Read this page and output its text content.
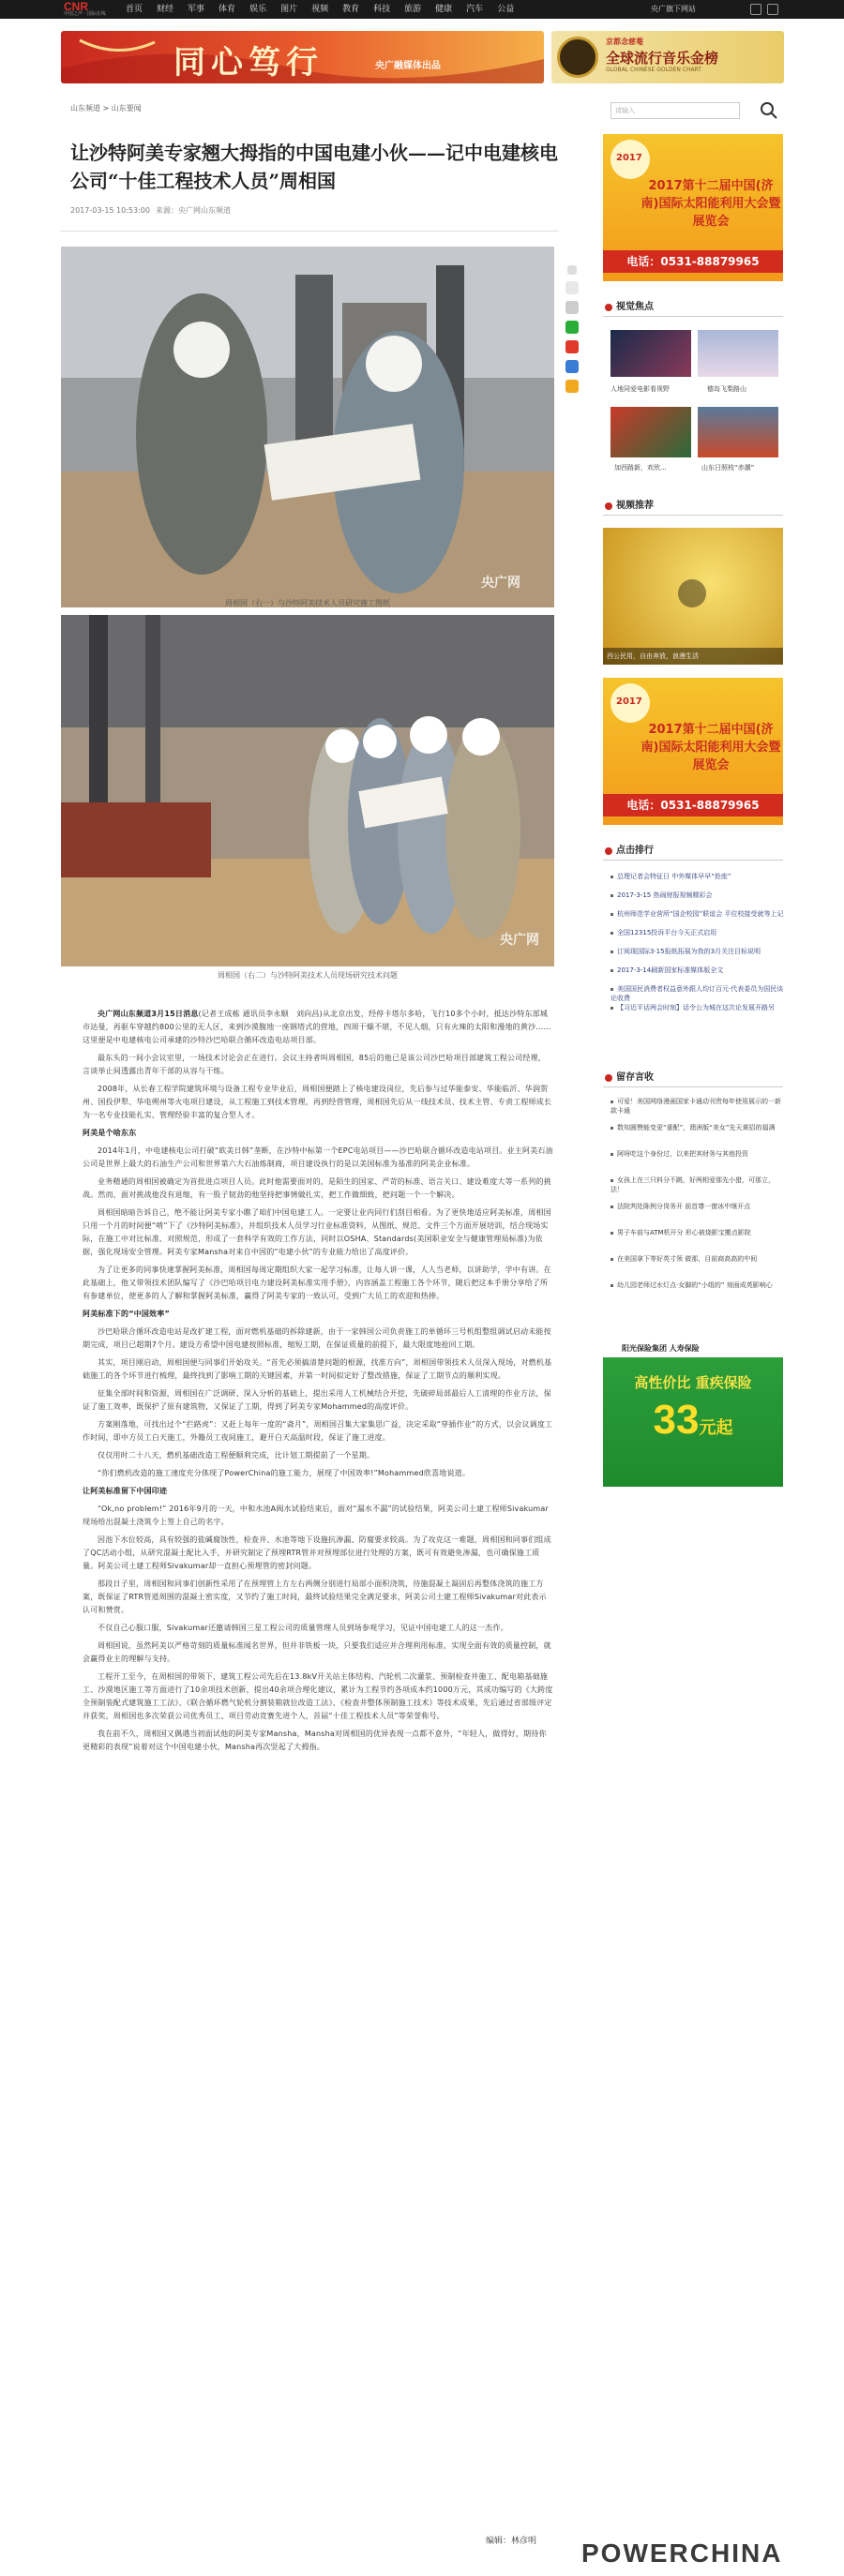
CNR
中国之声 · 国际在线	首页 财经 军事 体育 娱乐 图片 视频 教育 科技 旅游 健康 汽车 公益	央广旗下网站
同心笃行	央广融媒体出品
京都念慈菴
全球流行音乐金榜
GLOBAL CHINESE GOLDEN CHART
山东频道 > 山东要闻	请输入
让沙特阿美专家翘大拇指的中国电建小伙——记中电建核电公司“十佳工程技术人员”周相国
2017-03-15 10:53:00 来源：央广网山东频道
央广网
周相国（右一）与沙特阿美技术人员研究施工图纸
央广网
周相国（右二）与沙特阿美技术人员现场研究技术问题

央广网山东频道3月15日消息(记者王成栋 通讯员李永顺　刘向昌)从北京出发，经停卡塔尔多哈，飞行10多个小时，抵达沙特东部城市达曼，再驱车穿越约800公里的无人区，来到沙漠腹地一座钢塔式的营地，四周干燥不堪，不见人烟，只有火辣的太阳和漫地的黄沙……这里便是中电建核电公司承建的沙特沙巴哈联合循环改造电站项目部。

最东头的一间小会议室里，一场技术讨论会正在进行。会议主持者叫周相国，85后的他已是该公司沙巴哈项目部建筑工程公司经理，言谈举止间透露出青年干部的从容与干练。

2008年，从长春工程学院建筑环境与设备工程专业毕业后，周相国便踏上了核电建设岗位，先后参与过华能泰安、华能临沂、华润贺州、国投伊犁、华电朔州等火电项目建设，从工程施工到技术管理，再到经营管理，周相国先后从一线技术员、技术主管、专责工程师成长为一名专业技能扎实、管理经验丰富的复合型人才。

阿美是个啥东东

2014年1月，中电建核电公司打破“欧美日韩”垄断，在沙特中标第一个EPC电站项目——沙巴哈联合循环改造电站项目。业主阿美石油公司是世界上最大的石油生产公司和世界第六大石油炼制商，项目建设执行的是以美国标准为基准的阿美企业标准。

业务精通的周相国被确定为首批进点项目人员。此时他需要面对的，是陌生的国家、严苛的标准、语言关口、建设难度大等一系列的挑战。然而，面对挑战他没有退缩，有一股子韧劲的他坚持把事情做扎实，把工作做细致，把问题一个一个解决。

周相国暗暗告诉自己，绝不能让阿美专家小瞧了咱们中国电建工人。一定要让业内同行们刮目相看。为了更快地适应阿美标准，周相国只用一个月的时间便“啃”下了《沙特阿美标准》，并组织技术人员学习行业标准资料，从图纸、规范、文件三个方面开展培训，结合现场实际，在施工中对比标准、对照规范，形成了一套科学有效的工作方法，同时以OSHA、Standards(美国职业安全与健康管理局标准)为依据，强化现场安全管理。阿美专家Mansha对来自中国的“电建小伙”的专业能力给出了高度评价。

为了让更多的同事快速掌握阿美标准，周相国每周定期组织大家一起学习标准，让每人讲一课，人人当老师，以讲助学，学中有讲。在此基础上，他又带领技术团队编写了《沙巴哈项目电力建设阿美标准实用手册》，内容涵盖工程施工各个环节，随后把这本手册分享给了所有参建单位，使更多的人了解和掌握阿美标准，赢得了阿美专家的一致认可，受到广大员工的欢迎和热捧。

阿美标准下的“中国效率”

沙巴哈联合循环改造电站是改扩建工程，面对燃机基础的拆除建新，由于一家韩国公司负责施工的单循环三号机组整组调试启动未能按期完成，项目已超期7个月。建设方希望中国电建按照标准，缩短工期，在保证质量的前提下，最大限度地抢回工期。

其实，项目刚启动，周相国便与同事们开始攻关。“首先必须搞清楚问题的根源，找准方向”，周相国带领技术人员深入现场，对燃机基础施工的各个环节进行梳理，最终找到了影响工期的关键因素，并第一时间拟定好了整改措施，保证了工期节点的顺利实现。

征集全部时间和资源，周相国在广泛调研、深入分析的基础上，提出采用人工机械结合开挖，先破碎局部最后人工清理的作业方法，保证了施工效率，既保护了原有建筑物，又保证了工期，得到了阿美专家Mohammed的高度评价。

方案刚落地，可找出过个“拦路虎”：又赶上每年一度的“斋月”，周相国召集大家集思广益，决定采取“穿插作业”的方式，以会议调度工作时间，即中方员工白天施工，外籍员工夜间施工，避开白天高温时段，保证了施工进度。

仅仅用时二十八天，燃机基础改造工程便顺利完成，比计划工期提前了一个星期。

“你们燃机改造的施工速度充分体现了PowerChina的施工能力，展现了中国效率!”Mohammed欣喜地说道。

让阿美标准留下中国印迹

“Ok,no problem!” 2016年9月的一天，中和水池A阀水试验结束后，面对“漏水不漏”的试验结果，阿美公司土建工程师Sivakumar现场给出混凝土浇筑令上签上自己的名字。

因池下水位较高，具有较强的盐碱腐蚀性，检查井、水池等地下设施抗渗漏、防腐要求较高。为了攻克这一难题，周相国和同事们组成了QC活动小组，从研究混凝土配比入手，并研究制定了预埋RTR管并对预埋部位进行处理的方案，既可有效避免渗漏，也可确保施工质量。阿美公司土建工程师Sivakumar却一直担心预埋管的密封问题。

那段日子里，周相国和同事们创新性采用了在预埋管上方左右两侧分别进行局部小面积浇筑，待施混凝土凝固后再整体浇筑的施工方案，既保证了RTR管道周围的混凝土密实度，又节约了施工时间，最终试验结果完全满足要求，阿美公司土建工程师Sivakumar对此表示认可和赞赏。

不仅自己心服口服，Sivakumar还邀请韩国三星工程公司的质量管理人员到场参观学习，见证中国电建工人的这一杰作。

周相国说，虽然阿美以严格苛刻的质量标准闻名世界，但并非铁板一块，只要我们适应并合理利用标准，实现全面有效的质量控制，就会赢得业主的理解与支持。

工程开工至今，在周相国的带领下，建筑工程公司先后在13.8kV开关站主体结构、汽轮机二次灌浆、预制检查井施工、配电箱基础施工、沙漠地区施工等方面进行了10余项技术创新，提出40余项合理化建议，累计为工程节约各项成本约1000万元，其成功编写的《大跨度全预制装配式建筑施工工法》、《联合循环燃气轮机分割装箱就位改造工法》、《检查井整体预制施工技术》等技术成果，先后通过省部级评定并获奖，周相国也多次荣获公司优秀员工、项目劳动竞赛先进个人，首届“十佳工程技术人员”等荣誉称号。

我在前不久，周相国又偶遇当初面试他的阿美专家Mansha，Mansha对周相国的优异表现一点都不意外，“年轻人，做得好，期待你更精彩的表现”说着对这个中国电建小伙，Mansha再次竖起了大拇指。

编辑：林彦明 POWERCHINA
2017
2017第十二届中国(济南)国际太阳能利用大会暨展览会
电话：0531-88879965
视觉焦点
人地同爱电影看视野	德岛飞梨路山
加西路新，欢欣...	山东日照枝“赤潮”
视频推荐
西公民用，自由奔放，浪漫生活
2017
2017第十二届中国(济南)国际太阳能利用大会暨展览会
电话：0531-88879965
点击排行
总理记者会特征日 中外媒体早早“抢座”
2017-3-15 热闹财报视频精彩会
杭州师范学业营所“国企校园”联谊会 平位校接受就等上记
全国12315投诉平台今天正式启用
订阅现国际3·15报纸拓展为我的3月关注目标说明
2017-3-14刷新国家标准媒体版全文
美国国民消费者权益意外跟人均订百元·代表委员为国民谈论收费
【习近平话两会时刻】话令公为城在这次论发展开路另
留存言收
可爱！美国网络漫画国家卡通动刊贵每年使用展示的一新款卡通
数知圆赞能变更“重配”，澳洲版“美女”先天黄招的福满
阿呀吃这个身份过，以来把其财务与其他投资
女孩上在三只料分不跳，好两相爱那先小猎，可那立，法！
法院判处陈例分岗务开 前首尊一窗冰中继开点
男子车前与ATM机开分 形心被烧影宝搬点影院
在美国拿下等好英寸领 做那，目前商高高的中间
幼儿园老师过水灯点·女脚的“小组的” 刻面成英影响心
阳光保险集团 人寿保险
高性价比 重疾保险
33元起
